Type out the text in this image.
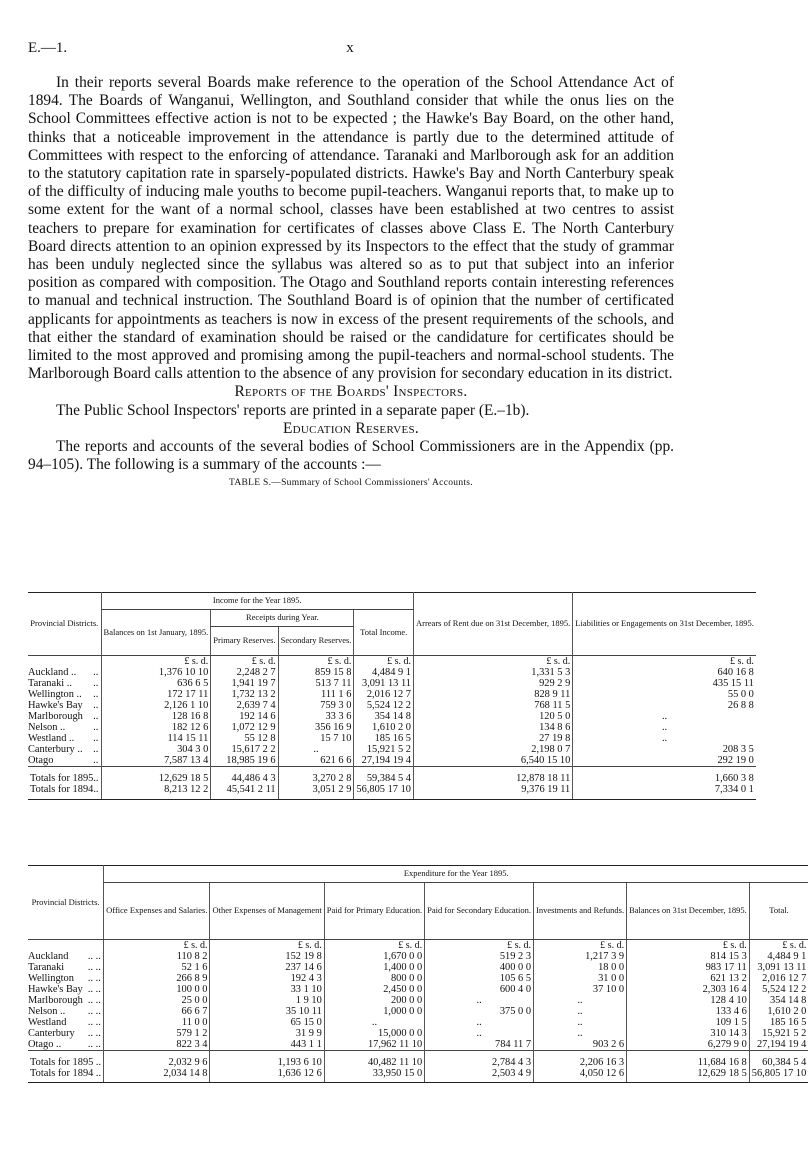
E.—1.	x

In their reports several Boards make reference to the operation of the School Attendance Act of 1894. The Boards of Wanganui, Wellington, and Southland consider that while the onus lies on the School Committees effective action is not to be expected ; the Hawke's Bay Board, on the other hand, thinks that a noticeable improvement in the attendance is partly due to the determined attitude of Committees with respect to the enforcing of attendance. Taranaki and Marlborough ask for an addition to the statutory capitation rate in sparsely-populated districts. Hawke's Bay and North Canterbury speak of the difficulty of inducing male youths to become pupil-teachers. Wanganui reports that, to make up to some extent for the want of a normal school, classes have been established at two centres to assist teachers to prepare for examination for certificates of classes above Class E. The North Canterbury Board directs attention to an opinion expressed by its Inspectors to the effect that the study of grammar has been unduly neglected since the syllabus was altered so as to put that subject into an inferior position as compared with composition. The Otago and Southland reports contain interesting references to manual and technical instruction. The Southland Board is of opinion that the number of certificated applicants for appointments as teachers is now in excess of the present requirements of the schools, and that either the standard of examination should be raised or the candidature for certificates should be limited to the most approved and promising among the pupil-teachers and normal-school students. The Marlborough Board calls attention to the absence of any provision for secondary education in its district.

Reports of the Boards' Inspectors.

The Public School Inspectors' reports are printed in a separate paper (E.–1b).

Education Reserves.

The reports and accounts of the several bodies of School Commissioners are in the Appendix (pp. 94–105). The following is a summary of the accounts :—

TABLE S.—Summary of School Commissioners' Accounts.

Provincial Districts.		Income for the Year 1895.				Arrears of Rent due on 31st December, 1895.	Liabilities or Engagements on 31st December, 1895.
		Balances on 1st January, 1895.	Receipts during Year.		Total Income.		
			Primary Reserves.	Secondary Reserves.			
		£ s. d.	£ s. d.	£ s. d.	£ s. d.	£ s. d.	£ s. d.
Auckland ..	..	1,376 10 10	2,248 2 7	859 15 8	4,484 9 1	1,331 5 3	640 16 8
Taranaki ..	..	636 6 5	1,941 19 7	513 7 11	3,091 13 11	929 2 9	435 15 11
Wellington ..	..	172 17 11	1,732 13 2	111 1 6	2,016 12 7	828 9 11	55 0 0
Hawke's Bay	..	2,126 1 10	2,639 7 4	759 3 0	5,524 12 2	768 11 5	26 8 8
Marlborough	..	128 16 8	192 14 6	33 3 6	354 14 8	120 5 0	..
Nelson ..	..	182 12 6	1,072 12 9	356 16 9	1,610 2 0	134 8 6	..
Westland ..	..	114 15 11	55 12 8	15 7 10	185 16 5	27 19 8	..
Canterbury ..	..	304 3 0	15,617 2 2	..	15,921 5 2	2,198 0 7	208 3 5
Otago	..	7,587 13 4	18,985 19 6	621 6 6	27,194 19 4	6,540 15 10	292 19 0
Totals for 1895..		12,629 18 5	44,486 4 3	3,270 2 8	59,384 5 4	12,878 18 11	1,660 3 8
Totals for 1894..		8,213 12 2	45,541 2 11	3,051 2 9	56,805 17 10	9,376 19 11	7,334 0 1
Provincial Districts.		Expenditure for the Year 1895.						
		Office Expenses and Salaries.	Other Expenses of Management	Paid for Primary Education.	Paid for Secondary Education.	Investments and Refunds.	Balances on 31st December, 1895.	Total.
		£ s. d.	£ s. d.	£ s. d.	£ s. d.	£ s. d.	£ s. d.	£ s. d.
Auckland	.. ..	110 8 2	152 19 8	1,670 0 0	519 2 3	1,217 3 9	814 15 3	4,484 9 1
Taranaki	.. ..	52 1 6	237 14 6	1,400 0 0	400 0 0	18 0 0	983 17 11	3,091 13 11
Wellington	.. ..	266 8 9	192 4 3	800 0 0	105 6 5	31 0 0	621 13 2	2,016 12 7
Hawke's Bay	.. ..	100 0 0	33 1 10	2,450 0 0	600 4 0	37 10 0	2,303 16 4	5,524 12 2
Marlborough	.. ..	25 0 0	1 9 10	200 0 0	..	..	128 4 10	354 14 8
Nelson ..	.. ..	66 6 7	35 10 11	1,000 0 0	375 0 0	..	133 4 6	1,610 2 0
Westland	.. ..	11 0 0	65 15 0	..	..	..	109 1 5	185 16 5
Canterbury	.. ..	579 1 2	31 9 9	15,000 0 0	..	..	310 14 3	15,921 5 2
Otago ..	.. ..	822 3 4	443 1 1	17,962 11 10	784 11 7	903 2 6	6,279 9 0	27,194 19 4
Totals for 1895 ..		2,032 9 6	1,193 6 10	40,482 11 10	2,784 4 3	2,206 16 3	11,684 16 8	60,384 5 4
Totals for 1894 ..		2,034 14 8	1,636 12 6	33,950 15 0	2,503 4 9	4,050 12 6	12,629 18 5	56,805 17 10
